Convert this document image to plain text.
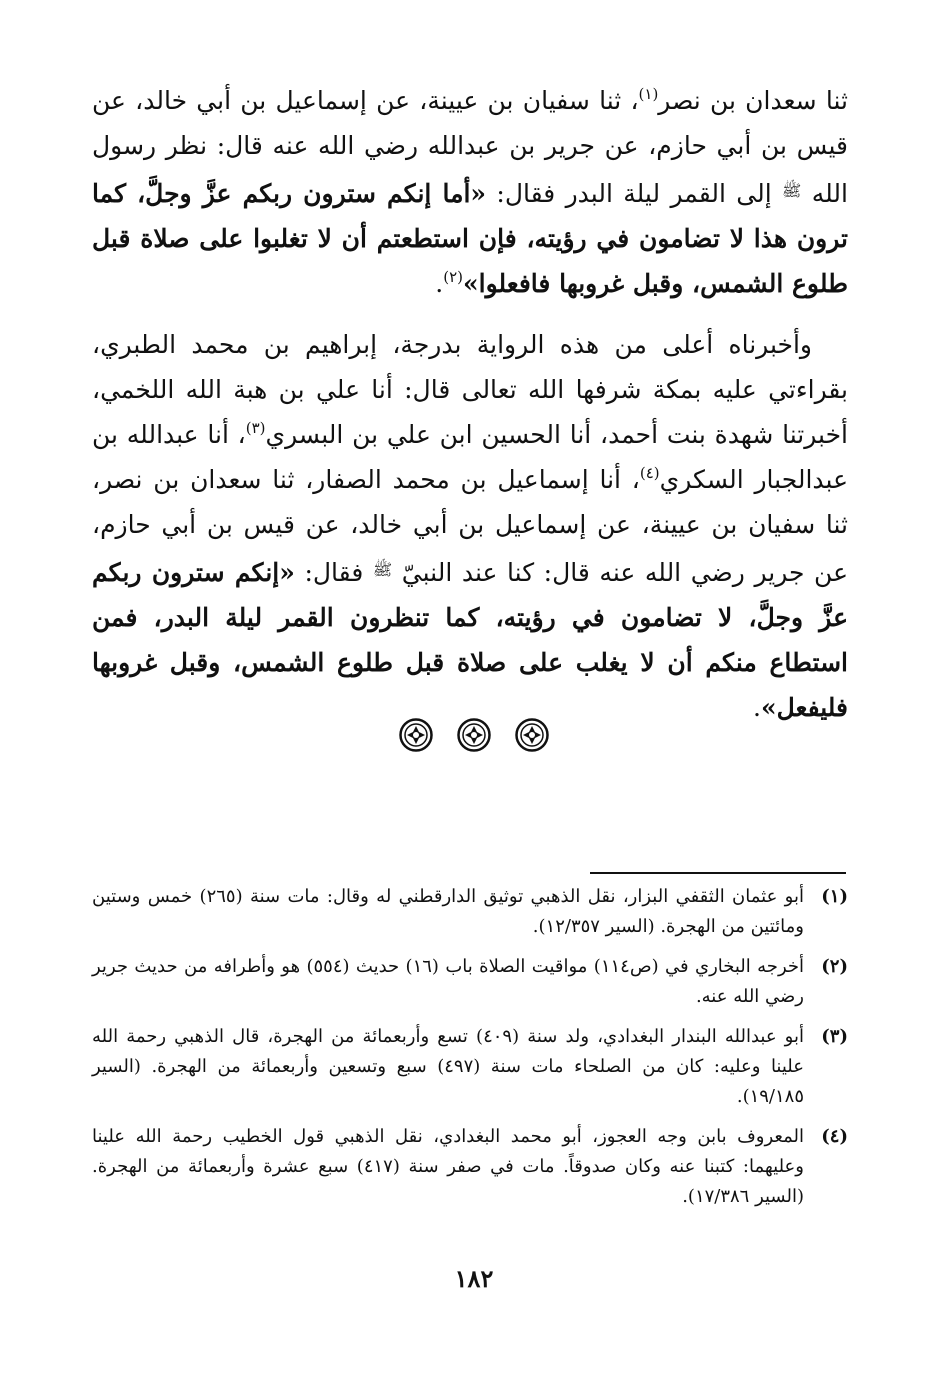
ثنا سعدان بن نصر$^{(١)}$، ثنا سفيان بن عيينة، عن إسماعيل بن أبي خالد، عن قيس بن أبي حازم، عن جرير بن عبدالله رضي الله عنه قال: نظر رسول الله $^ﷺ$ إلى القمر ليلة البدر فقال: «أما إنكم سترون ربكم عزَّ وجلَّ، كما ترون هذا لا تضامون في رؤيته، فإن استطعتم أن لا تغلبوا على صلاة قبل طلوع الشمس، وقبل غروبها فافعلوا»$^{(٢)}$.

وأخبرناه أعلى من هذه الرواية بدرجة، إبراهيم بن محمد الطبري، بقراءتي عليه بمكة شرفها الله تعالى قال: أنا علي بن هبة الله اللخمي، أخبرتنا شهدة بنت أحمد، أنا الحسين ابن علي بن البسري$^{(٣)}$، أنا عبدالله بن عبدالجبار السكري$^{(٤)}$، أنا إسماعيل بن محمد الصفار، ثنا سعدان بن نصر، ثنا سفيان بن عيينة، عن إسماعيل بن أبي خالد، عن قيس بن أبي حازم، عن جرير رضي الله عنه قال: كنا عند النبيّ $^ﷺ$ فقال: «إنكم سترون ربكم عزَّ وجلَّ، لا تضامون في رؤيته، كما تنظرون القمر ليلة البدر، فمن استطاع منكم أن لا يغلب على صلاة قبل طلوع الشمس، وقبل غروبها فليفعل».

(١)
أبو عثمان الثقفي البزار، نقل الذهبي توثيق الدارقطني له وقال: مات سنة (٢٦٥) خمس وستين ومائتين من الهجرة. (السير ١٢/٣٥٧).
(٢)
أخرجه البخاري في (ص١١٤) مواقيت الصلاة باب (١٦) حديث (٥٥٤) هو وأطرافه من حديث جرير رضي الله عنه.
(٣)
أبو عبدالله البندار البغدادي، ولد سنة (٤٠٩) تسع وأربعمائة من الهجرة، قال الذهبي رحمة الله علينا وعليه: كان من الصلحاء مات سنة (٤٩٧) سبع وتسعين وأربعمائة من الهجرة. (السير ١٩/١٨٥).
(٤)
المعروف بابن وجه العجوز، أبو محمد البغدادي، نقل الذهبي قول الخطيب رحمة الله علينا وعليهما: كتبنا عنه وكان صدوقاً. مات في صفر سنة (٤١٧) سبع عشرة وأربعمائة من الهجرة. (السير ١٧/٣٨٦).
١٨٢
